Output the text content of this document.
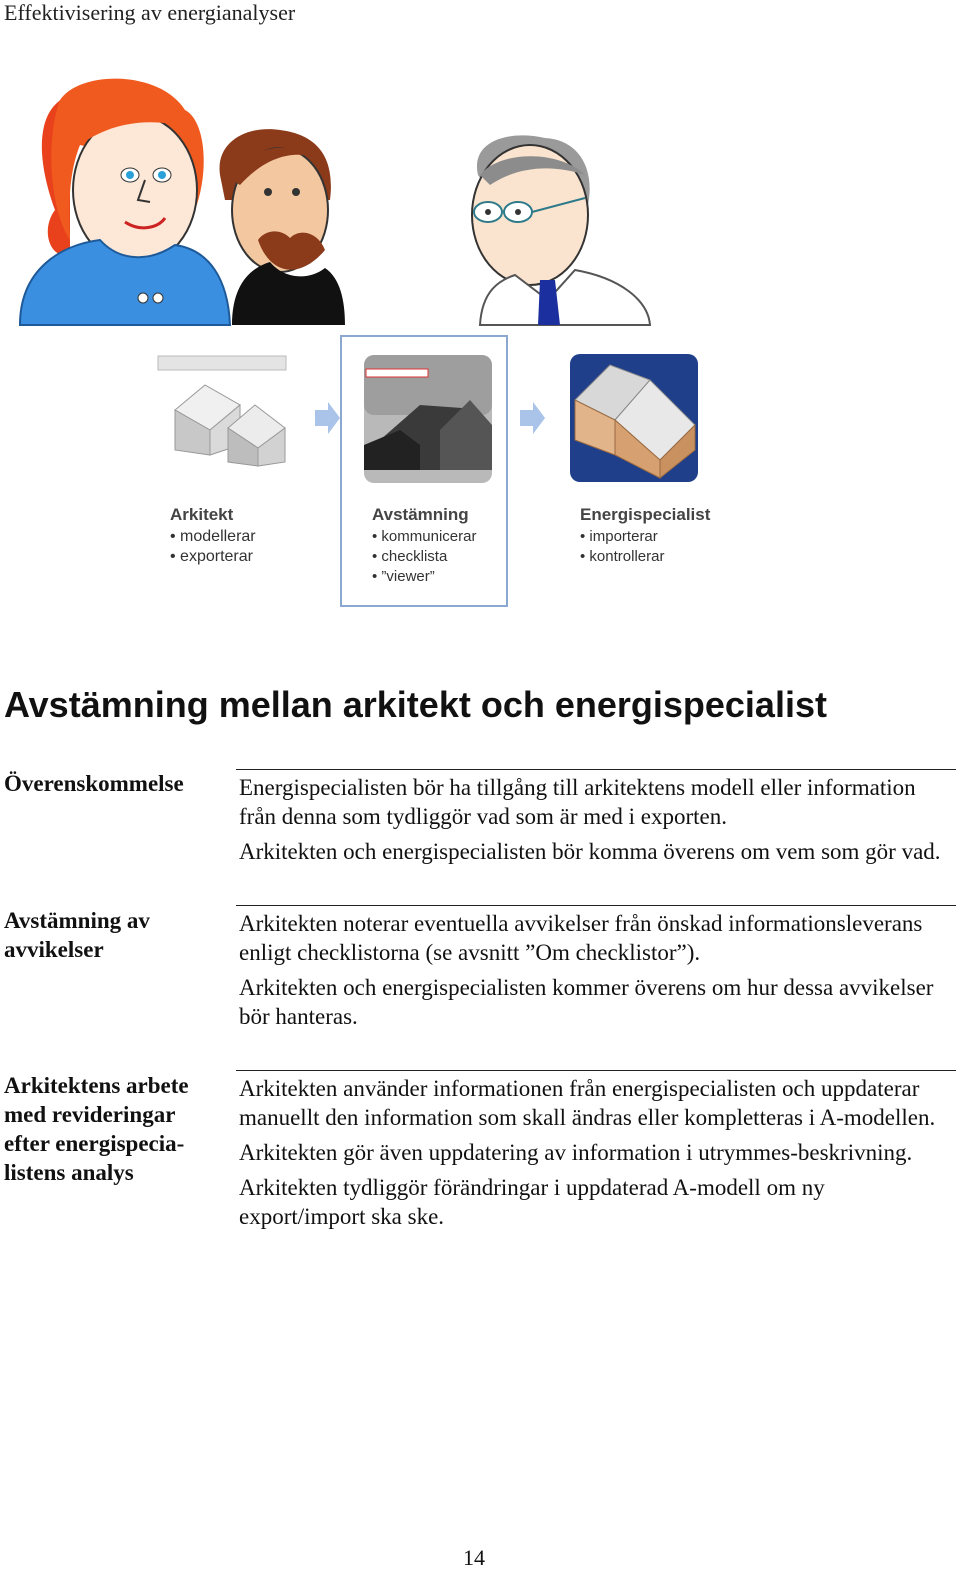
Effektivisering av energianalyser
Arkitekt
• modellerar
• exporterar
Avstämning
• kommunicerar
• checklista
• ”viewer”
Energispecialist
• importerar
• kontrollerar
Avstämning mellan arkitekt och energispecialist
Överenskommelse	Energispecialisten bör ha tillgång till arkitektens modell eller information från denna som tydliggör vad som är med i exporten.

Arkitekten och energispecialisten bör komma överens om vem som gör vad.

Avstämning av avvikelser

Arkitekten noterar eventuella avvikelser från önskad informationsleverans enligt checklistorna (se avsnitt ”Om checklistor”).

Arkitekten och energispecialisten kommer överens om hur dessa avvikelser bör hanteras.

Arkitektens arbete med revideringar efter energispecia-listens analys

Arkitekten använder informationen från energispecialisten och uppdaterar manuellt den information som skall ändras eller kompletteras i A-modellen.

Arkitekten gör även uppdatering av information i utrymmes-beskrivning.

Arkitekten tydliggör förändringar i uppdaterad A-modell om ny export/import ska ske.

14
